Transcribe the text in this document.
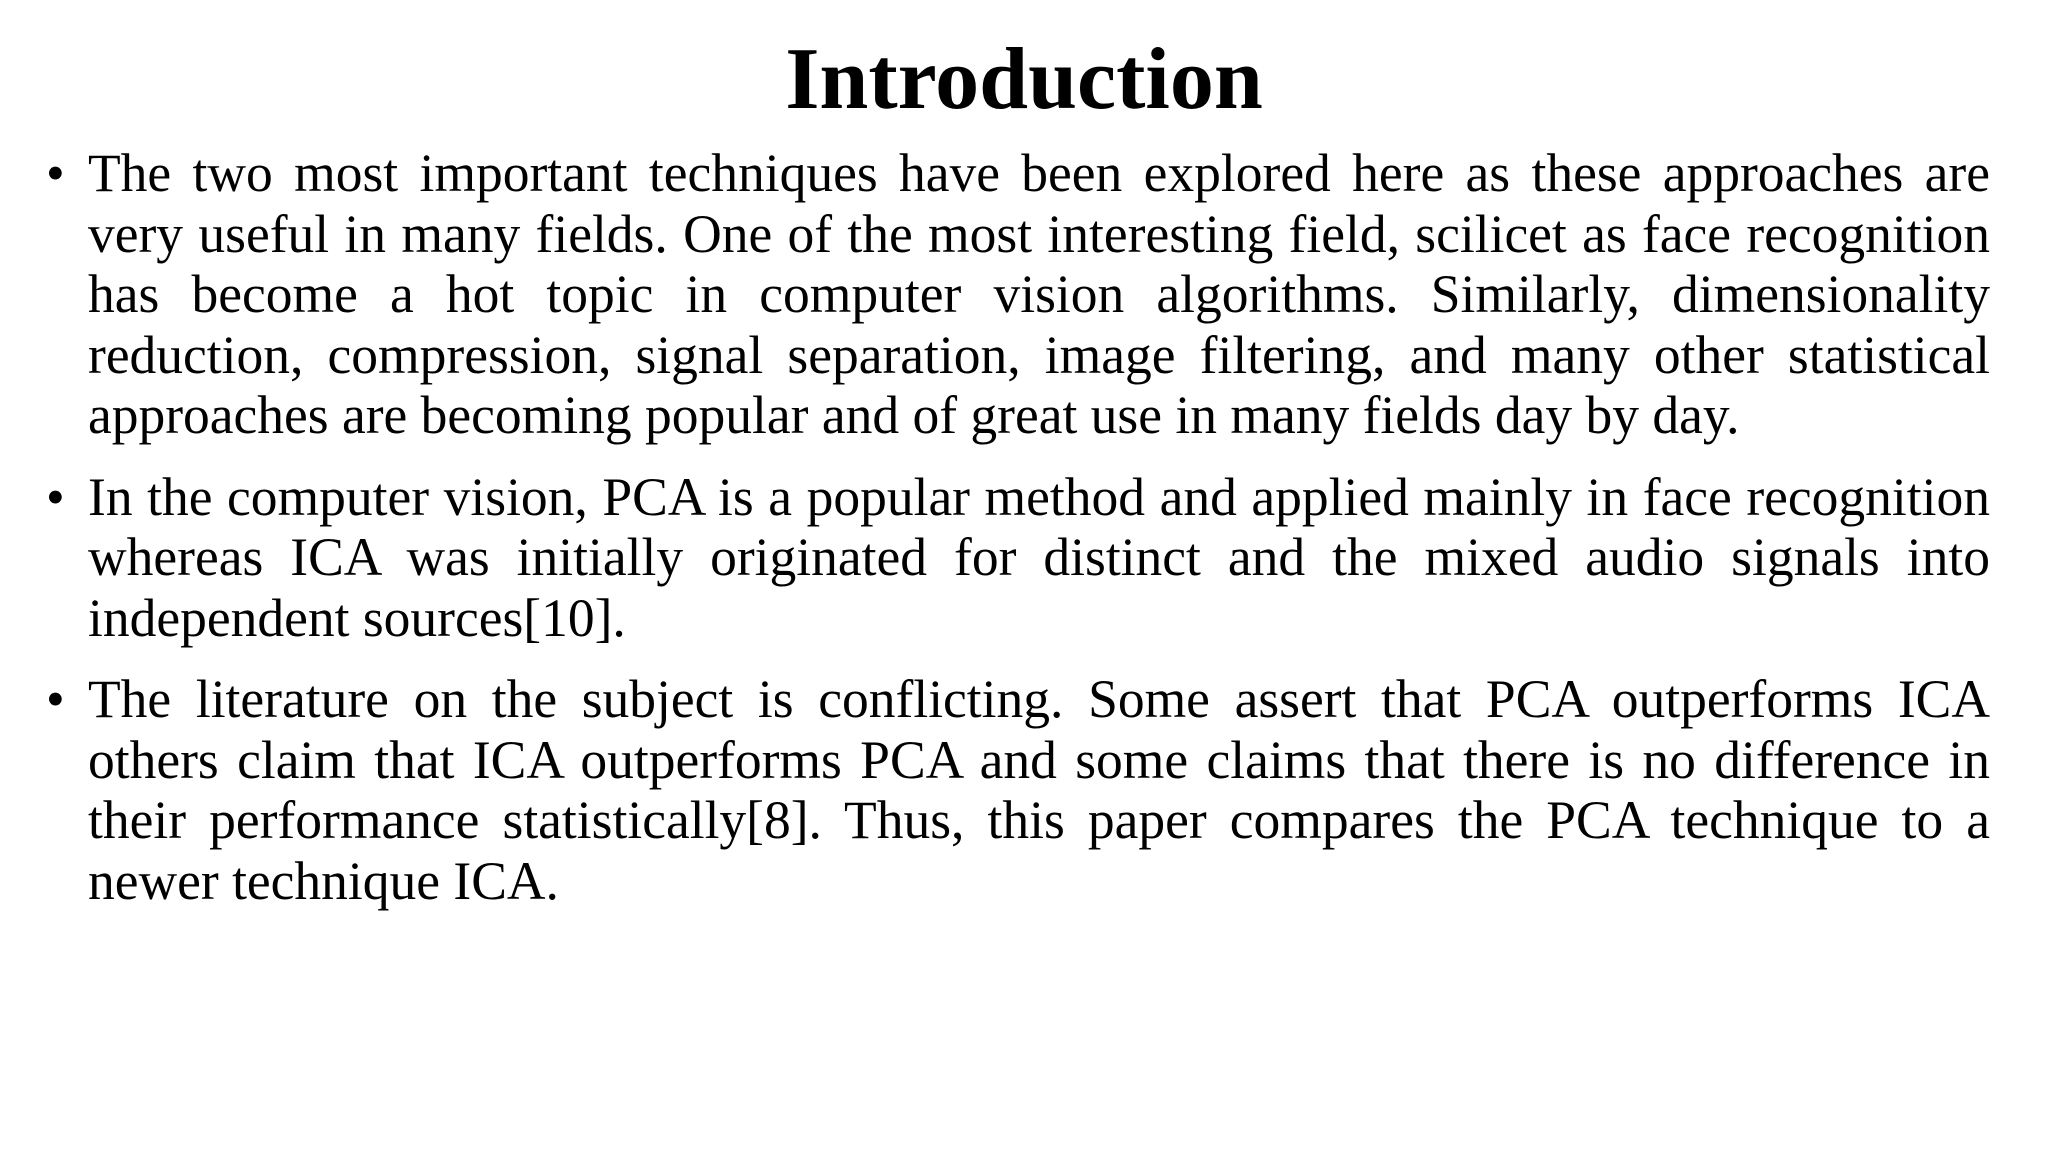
Introduction
• The two most important techniques have been explored here as these approaches are very useful in many fields. One of the most interesting field, scilicet as face recognition has become a hot topic in computer vision algorithms. Similarly, dimensionality reduction, compression, signal separation, image filtering, and many other statistical approaches are becoming popular and of great use in many fields day by day.
• In the computer vision, PCA is a popular method and applied mainly in face recognition whereas ICA was initially originated for distinct and the mixed audio signals into independent sources[10].
• The literature on the subject is conflicting. Some assert that PCA outperforms ICA others claim that ICA outperforms PCA and some claims that there is no difference in their performance statistically[8]. Thus, this paper compares the PCA technique to a newer technique ICA.
